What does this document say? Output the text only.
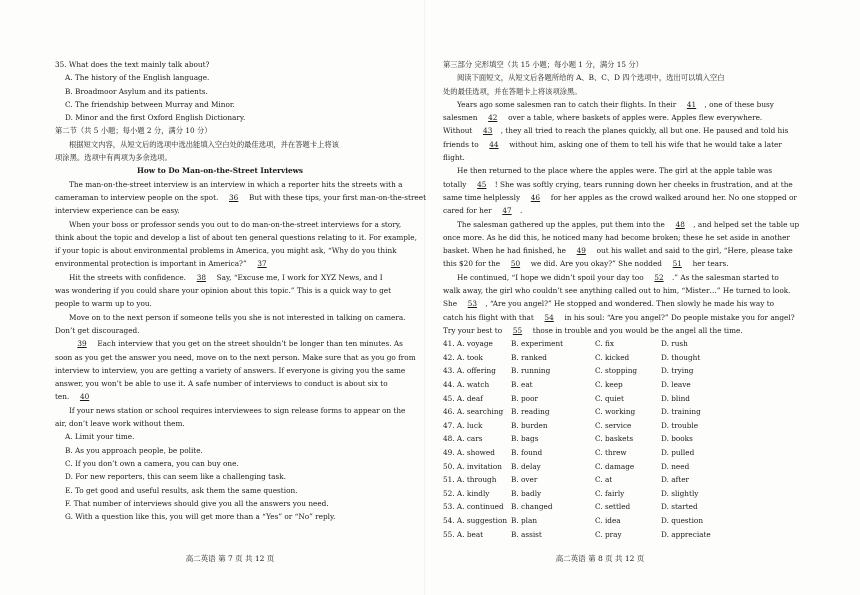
35. What does the text mainly talk about?
A. The history of the English language.
B. Broadmoor Asylum and its patients.
C. The friendship between Murray and Minor.
D. Minor and the first Oxford English Dictionary.
第二节（共 5 小题；每小题 2 分，满分 10 分）
根据短文内容，从短文后的选项中选出能填入空白处的最佳选项，并在答题卡上将该
项涂黑。选项中有两项为多余选项。
How to Do Man-on-the-Street Interviews
The man-on-the-street interview is an interview in which a reporter hits the streets with a
cameraman to interview people on the spot. 36 But with these tips, your first man-on-the-street
interview experience can be easy.
When your boss or professor sends you out to do man-on-the-street interviews for a story,
think about the topic and develop a list of about ten general questions relating to it. For example,
if your topic is about environmental problems in America, you might ask, “Why do you think
environmental protection is important in America?” 37
Hit the streets with confidence. 38 Say, “Excuse me, I work for XYZ News, and I
was wondering if you could share your opinion about this topic.” This is a quick way to get
people to warm up to you.
Move on to the next person if someone tells you she is not interested in talking on camera.
Don’t get discouraged.
39 Each interview that you get on the street shouldn’t be longer than ten minutes. As
soon as you get the answer you need, move on to the next person. Make sure that as you go from
interview to interview, you are getting a variety of answers. If everyone is giving you the same
answer, you won’t be able to use it. A safe number of interviews to conduct is about six to
ten. 40
If your news station or school requires interviewees to sign release forms to appear on the
air, don’t leave work without them.
A. Limit your time.
B. As you approach people, be polite.
C. If you don’t own a camera, you can buy one.
D. For new reporters, this can seem like a challenging task.
E. To get good and useful results, ask them the same question.
F. That number of interviews should give you all the answers you need.
G. With a question like this, you will get more than a “Yes” or “No” reply.
高二英语 第 7 页 共 12 页
第三部分 完形填空（共 15 小题；每小题 1 分，满分 15 分）
阅读下面短文，从短文后各题所给的 A、B、C、D 四个选项中，选出可以填入空白
处的最佳选项，并在答题卡上将该项涂黑。
Years ago some salesmen ran to catch their flights. In their 41 , one of these busy
salesmen 42 over a table, where baskets of apples were. Apples flew everywhere.
Without 43 , they all tried to reach the planes quickly, all but one. He paused and told his
friends to 44 without him, asking one of them to tell his wife that he would take a later
flight.
He then returned to the place where the apples were. The girl at the apple table was
totally 45 ! She was softly crying, tears running down her cheeks in frustration, and at the
same time helplessly 46 for her apples as the crowd walked around her. No one stopped or
cared for her 47 .
The salesman gathered up the apples, put them into the 48 , and helped set the table up
once more. As he did this, he noticed many had become broken; these he set aside in another
basket. When he had finished, he 49 out his wallet and said to the girl, “Here, please take
this $20 for the 50 we did. Are you okay?” She nodded 51 her tears.
He continued, “I hope we didn’t spoil your day too 52 .” As the salesman started to
walk away, the girl who couldn’t see anything called out to him, “Mister…” He turned to look.
She 53 , “Are you angel?” He stopped and wondered. Then slowly he made his way to
catch his flight with that 54 in his soul: “Are you angel?” Do people mistake you for angel?
Try your best to 55 those in trouble and you would be the angel all the time.
41. A. voyage	B. experiment	C. fix	D. rush
42. A. took	B. ranked	C. kicked	D. thought
43. A. offering	B. running	C. stopping	D. trying
44. A. watch	B. eat	C. keep	D. leave
45. A. deaf	B. poor	C. quiet	D. blind
46. A. searching	B. reading	C. working	D. training
47. A. luck	B. burden	C. service	D. trouble
48. A. cars	B. bags	C. baskets	D. books
49. A. showed	B. found	C. threw	D. pulled
50. A. invitation	B. delay	C. damage	D. need
51. A. through	B. over	C. at	D. after
52. A. kindly	B. badly	C. fairly	D. slightly
53. A. continued	B. changed	C. settled	D. started
54. A. suggestion B. plan	C. idea	D. question
55. A. beat	B. assist	C. pray	D. appreciate
高二英语 第 8 页 共 12 页
